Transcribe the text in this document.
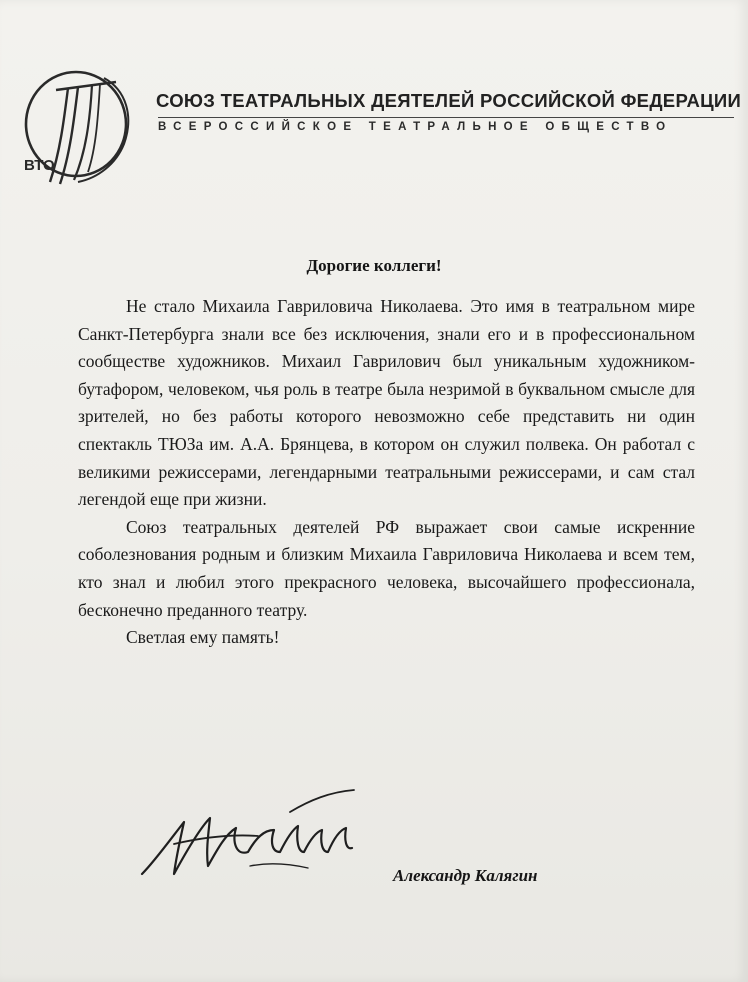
ВТО
СОЮЗ ТЕАТРАЛЬНЫХ ДЕЯТЕЛЕЙ РОССИЙСКОЙ ФЕДЕРАЦИИ
ВСЕРОССИЙСКОЕ ТЕАТРАЛЬНОЕ ОБЩЕСТВО
Дорогие коллеги!

Не стало Михаила Гавриловича Николаева. Это имя в театральном мире Санкт-Петербурга знали все без исключения, знали его и в профессиональном сообществе художников. Михаил Гаврилович был уникальным художником-бутафором, человеком, чья роль в театре была незримой в буквальном смысле для зрителей, но без работы которого невозможно себе представить ни один спектакль ТЮЗа им. А.А. Брянцева, в котором он служил полвека. Он работал с великими режиссерами, легендарными театральными режиссерами, и сам стал легендой еще при жизни.

Союз театральных деятелей РФ выражает свои самые искренние соболезнования родным и близким Михаила Гавриловича Николаева и всем тем, кто знал и любил этого прекрасного человека, высочайшего профессионала, бесконечно преданного театру.

Светлая ему память!

Александр Калягин
